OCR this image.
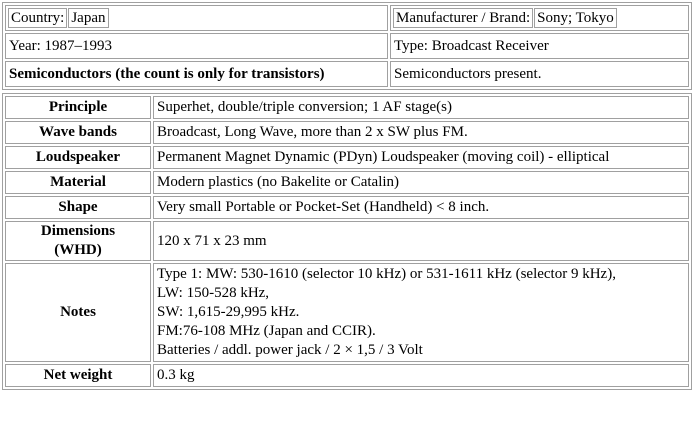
Country: Japan	Manufacturer / Brand: Sony; Tokyo
Year: 1987–1993	Type: Broadcast Receiver
Semiconductors (the count is only for transistors)	Semiconductors present.
Principle	Superhet, double/triple conversion; 1 AF stage(s)
Wave bands	Broadcast, Long Wave, more than 2 x SW plus FM.
Loudspeaker	Permanent Magnet Dynamic (PDyn) Loudspeaker (moving coil) - elliptical
Material	Modern plastics (no Bakelite or Catalin)
Shape	Very small Portable or Pocket-Set (Handheld) < 8 inch.
Dimensions (WHD)	120 x 71 x 23 mm
Notes	Type 1: MW: 530-1610 (selector 10 kHz) or 531-1611 kHz (selector 9 kHz),
LW: 150-528 kHz,
SW: 1,615-29,995 kHz.
FM:76-108 MHz (Japan and CCIR).
Batteries / addl. power jack / 2 × 1,5 / 3 Volt

Net weight	0.3 kg
